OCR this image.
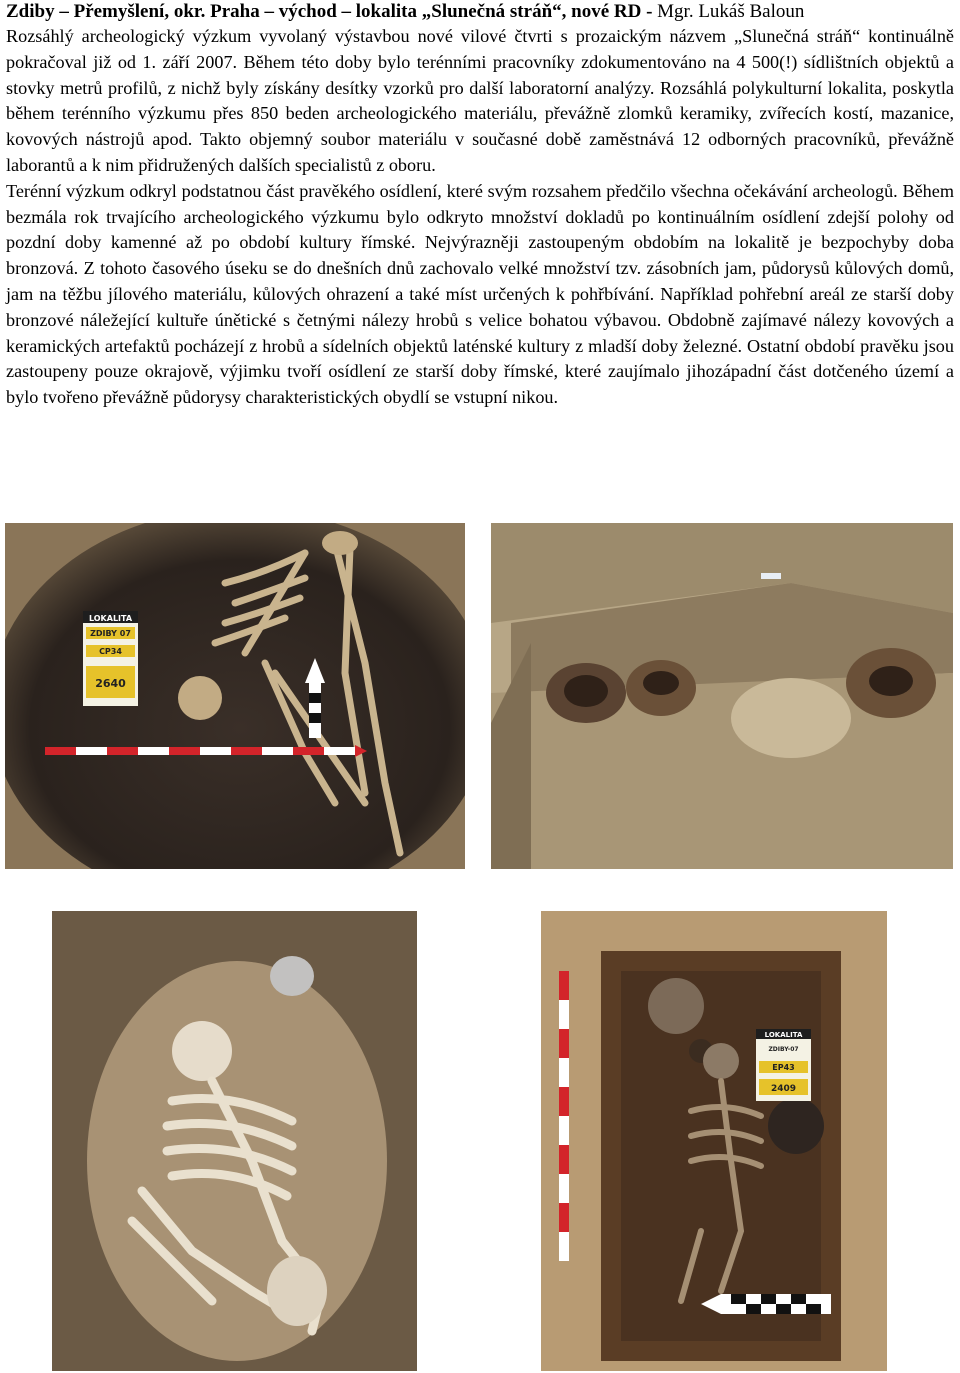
Zdiby – Přemyšlení, okr. Praha – východ – lokalita „Slunečná stráň“, nové RD - Mgr. Lukáš Baloun

Rozsáhlý archeologický výzkum vyvolaný výstavbou nové vilové čtvrti s prozaickým názvem „Slunečná stráň“ kontinuálně pokračoval již od 1. září 2007. Během této doby bylo terénními pracovníky zdokumentováno na 4 500(!) sídlištních objektů a stovky metrů profilů, z nichž byly získány desítky vzorků pro další laboratorní analýzy. Rozsáhlá polykulturní lokalita, poskytla během terénního výzkumu přes 850 beden archeologického materiálu, převážně zlomků keramiky, zvířecích kostí, mazanice, kovových nástrojů apod. Takto objemný soubor materiálu v současné době zaměstnává 12 odborných pracovníků, převážně laborantů a k nim přidružených dalších specialistů z oboru.

Terénní výzkum odkryl podstatnou část pravěkého osídlení, které svým rozsahem předčilo všechna očekávání archeologů. Během bezmála rok trvajícího archeologického výzkumu bylo odkryto množství dokladů po kontinuálním osídlení zdejší polohy od pozdní doby kamenné až po období kultury římské. Nejvýrazněji zastoupeným obdobím na lokalitě je bezpochyby doba bronzová. Z tohoto časového úseku se do dnešních dnů zachovalo velké množství tzv. zásobních jam, půdorysů kůlových domů, jam na těžbu jílového materiálu, kůlových ohrazení a také míst určených k pohřbívání. Například pohřební areál ze starší doby bronzové náležející kultuře únětické s četnými nálezy hrobů s velice bohatou výbavou. Obdobně zajímavé nálezy kovových a keramických artefaktů pocházejí z hrobů a sídelních objektů laténské kultury z mladší doby železné. Ostatní období pravěku jsou zastoupeny pouze okrajově, výjimku tvoří osídlení ze starší doby římské, které zaujímalo jihozápadní část dotčeného území a bylo tvořeno převážně půdorysy charakteristických obydlí se vstupní nikou.

LOKALITA
ZDIBY 07
CP34
2640
LOKALITA
ZDIBY-07
EP43
2409
